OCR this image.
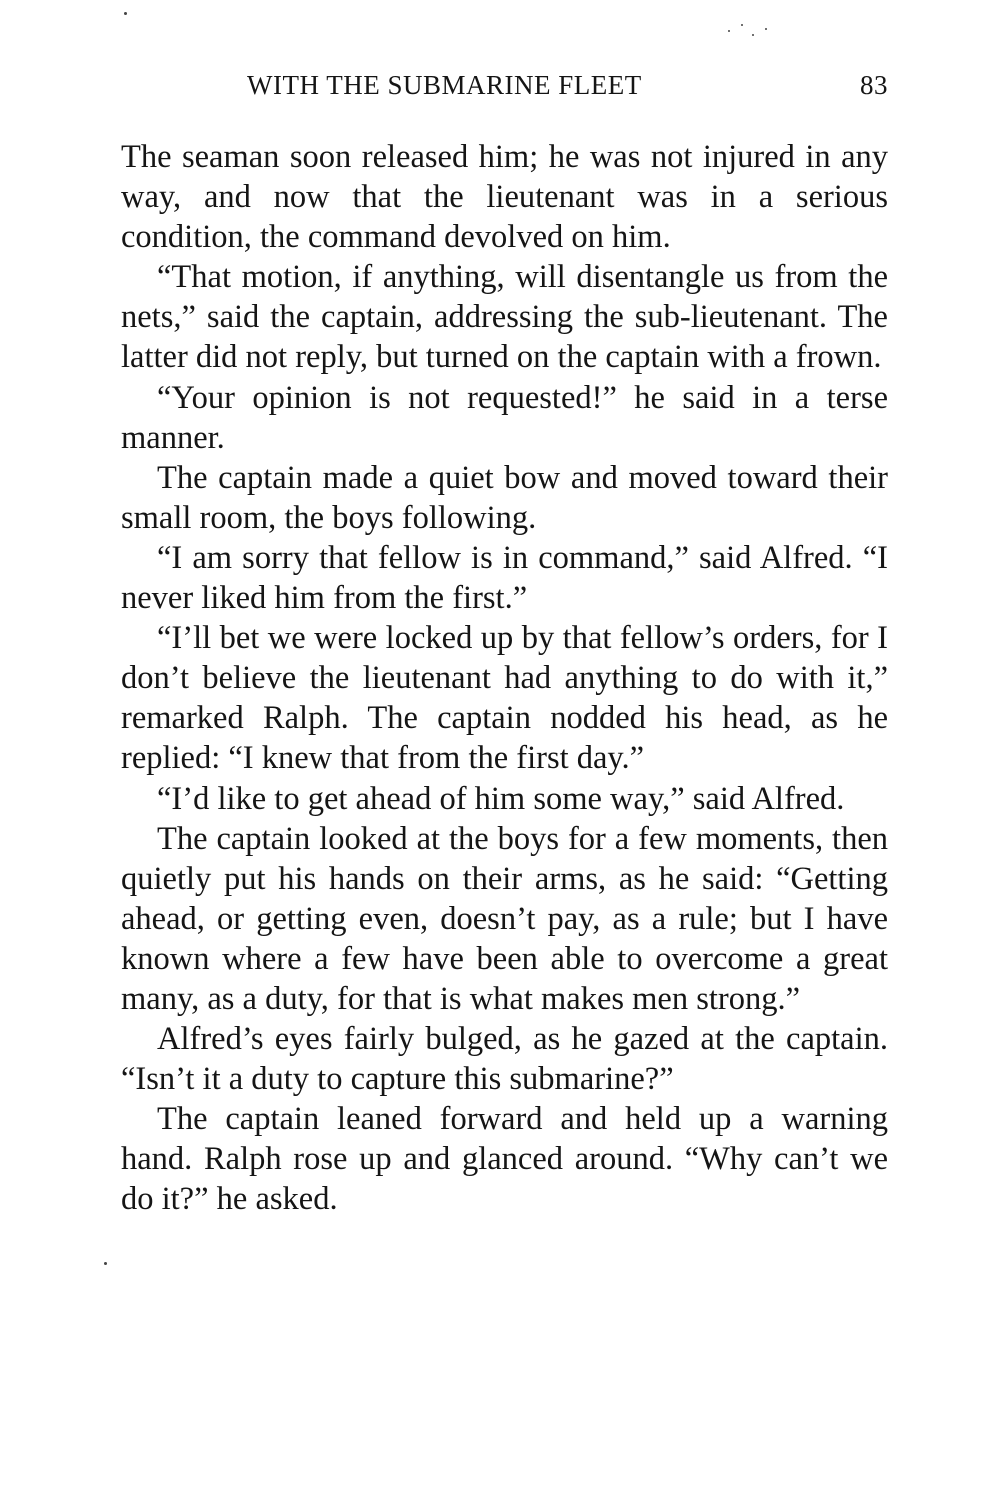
WITH THE SUBMARINE FLEET	83

The seaman soon released him; he was not injured in any way, and now that the lieutenant was in a serious condition, the command devolved on him.

“That motion, if anything, will disentangle us from the nets,” said the captain, addressing the sub-lieutenant. The latter did not reply, but turned on the captain with a frown.

“Your opinion is not requested!” he said in a terse manner.

The captain made a quiet bow and moved toward their small room, the boys following.

“I am sorry that fellow is in command,” said Alfred. “I never liked him from the first.”

“I’ll bet we were locked up by that fellow’s orders, for I don’t believe the lieutenant had anything to do with it,” remarked Ralph. The captain nodded his head, as he replied: “I knew that from the first day.”

“I’d like to get ahead of him some way,” said Alfred.

The captain looked at the boys for a few moments, then quietly put his hands on their arms, as he said: “Getting ahead, or getting even, doesn’t pay, as a rule; but I have known where a few have been able to overcome a great many, as a duty, for that is what makes men strong.”

Alfred’s eyes fairly bulged, as he gazed at the captain. “Isn’t it a duty to capture this submarine?”

The captain leaned forward and held up a warning hand. Ralph rose up and glanced around. “Why can’t we do it?” he asked.
